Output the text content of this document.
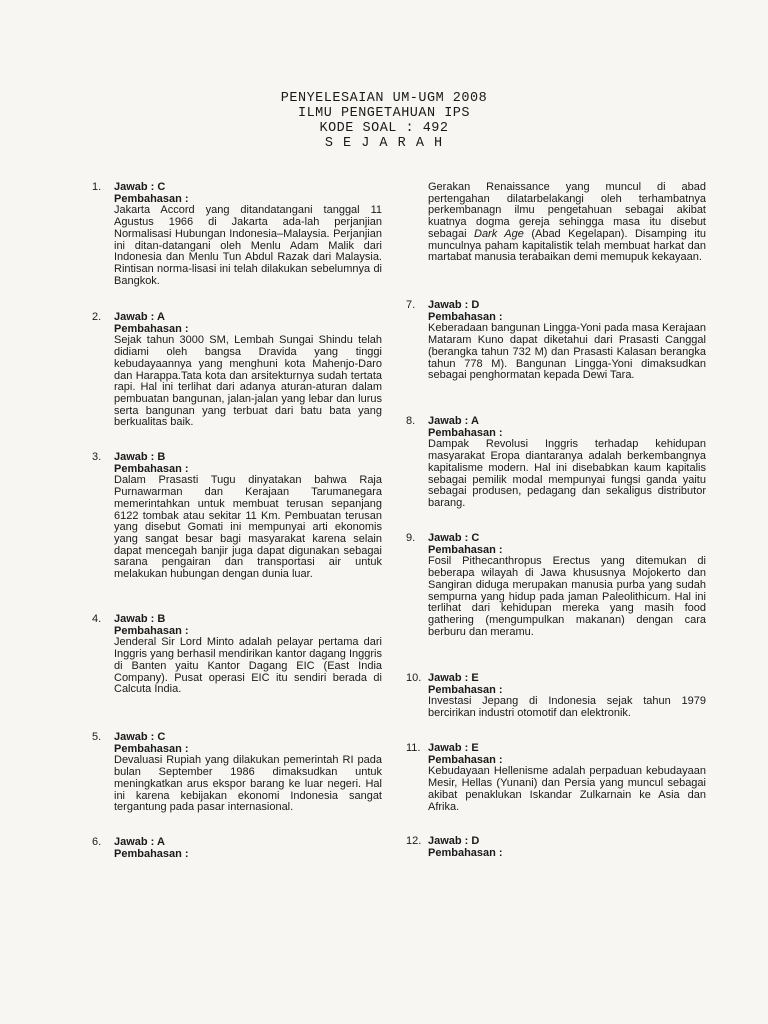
PENYELESAIAN UM-UGM 2008
ILMU PENGETAHUAN IPS
KODE SOAL : 492
S E J A R A H
1. Jawab : C
Pembahasan :
Jakarta Accord yang ditandatangani tanggal 11 Agustus 1966 di Jakarta ada-lah perjanjian Normalisasi Hubungan Indonesia–Malaysia. Perjanjian ini ditan-datangani oleh Menlu Adam Malik dari Indonesia dan Menlu Tun Abdul Razak dari Malaysia. Rintisan norma-lisasi ini telah dilakukan sebelumnya di Bangkok.
2. Jawab : A
Pembahasan :
Sejak tahun 3000 SM, Lembah Sungai Shindu telah didiami oleh bangsa Dravida yang tinggi kebudayaannya yang menghuni kota Mahenjo-Daro dan Harappa.Tata kota dan arsitekturnya sudah tertata rapi. Hal ini terlihat dari adanya aturan-aturan dalam pembuatan bangunan, jalan-jalan yang lebar dan lurus serta bangunan yang terbuat dari batu bata yang berkualitas baik.
3. Jawab : B
Pembahasan :
Dalam Prasasti Tugu dinyatakan bahwa Raja Purnawarman dan Kerajaan Tarumanegara memerintahkan untuk membuat terusan sepanjang 6122 tombak atau sekitar 11 Km. Pembuatan terusan yang disebut Gomati ini mempunyai arti ekonomis yang sangat besar bagi masyarakat karena selain dapat mencegah banjir juga dapat digunakan sebagai sarana pengairan dan transportasi air untuk melakukan hubungan dengan dunia luar.
4. Jawab : B
Pembahasan :
Jenderal Sir Lord Minto adalah pelayar pertama dari Inggris yang berhasil mendirikan kantor dagang Inggris di Banten yaitu Kantor Dagang EIC (East India Company). Pusat operasi EIC itu sendiri berada di Calcuta India.
5. Jawab : C
Pembahasan :
Devaluasi Rupiah yang dilakukan pemerintah RI pada bulan September 1986 dimaksudkan untuk meningkatkan arus ekspor barang ke luar negeri. Hal ini karena kebijakan ekonomi Indonesia sangat tergantung pada pasar internasional.
6. Jawab : A
Pembahasan :
Gerakan Renaissance yang muncul di abad pertengahan dilatarbelakangi oleh terhambatnya perkembanagn ilmu pengetahuan sebagai akibat kuatnya dogma gereja sehingga masa itu disebut sebagai Dark Age (Abad Kegelapan). Disamping itu munculnya paham kapitalistik telah membuat harkat dan martabat manusia terabaikan demi memupuk kekayaan.
7. Jawab : D
Pembahasan :
Keberadaan bangunan Lingga-Yoni pada masa Kerajaan Mataram Kuno dapat diketahui dari Prasasti Canggal (berangka tahun 732 M) dan Prasasti Kalasan berangka tahun 778 M). Bangunan Lingga-Yoni dimaksudkan sebagai penghormatan kepada Dewi Tara.
8. Jawab : A
Pembahasan :
Dampak Revolusi Inggris terhadap kehidupan masyarakat Eropa diantaranya adalah berkembangnya kapitalisme modern. Hal ini disebabkan kaum kapitalis sebagai pemilik modal mempunyai fungsi ganda yaitu sebagai produsen, pedagang dan sekaligus distributor barang.
9. Jawab : C
Pembahasan :
Fosil Pithecanthropus Erectus yang ditemukan di beberapa wilayah di Jawa khususnya Mojokerto dan Sangiran diduga merupakan manusia purba yang sudah sempurna yang hidup pada jaman Paleolithicum. Hal ini terlihat dari kehidupan mereka yang masih food gathering (mengumpulkan makanan) dengan cara berburu dan meramu.
10. Jawab : E
Pembahasan :
Investasi Jepang di Indonesia sejak tahun 1979 bercirikan industri otomotif dan elektronik.
11. Jawab : E
Pembahasan :
Kebudayaan Hellenisme adalah perpaduan kebudayaan Mesir, Hellas (Yunani) dan Persia yang muncul sebagai akibat penaklukan Iskandar Zulkarnain ke Asia dan Afrika.
12. Jawab : D
Pembahasan :
